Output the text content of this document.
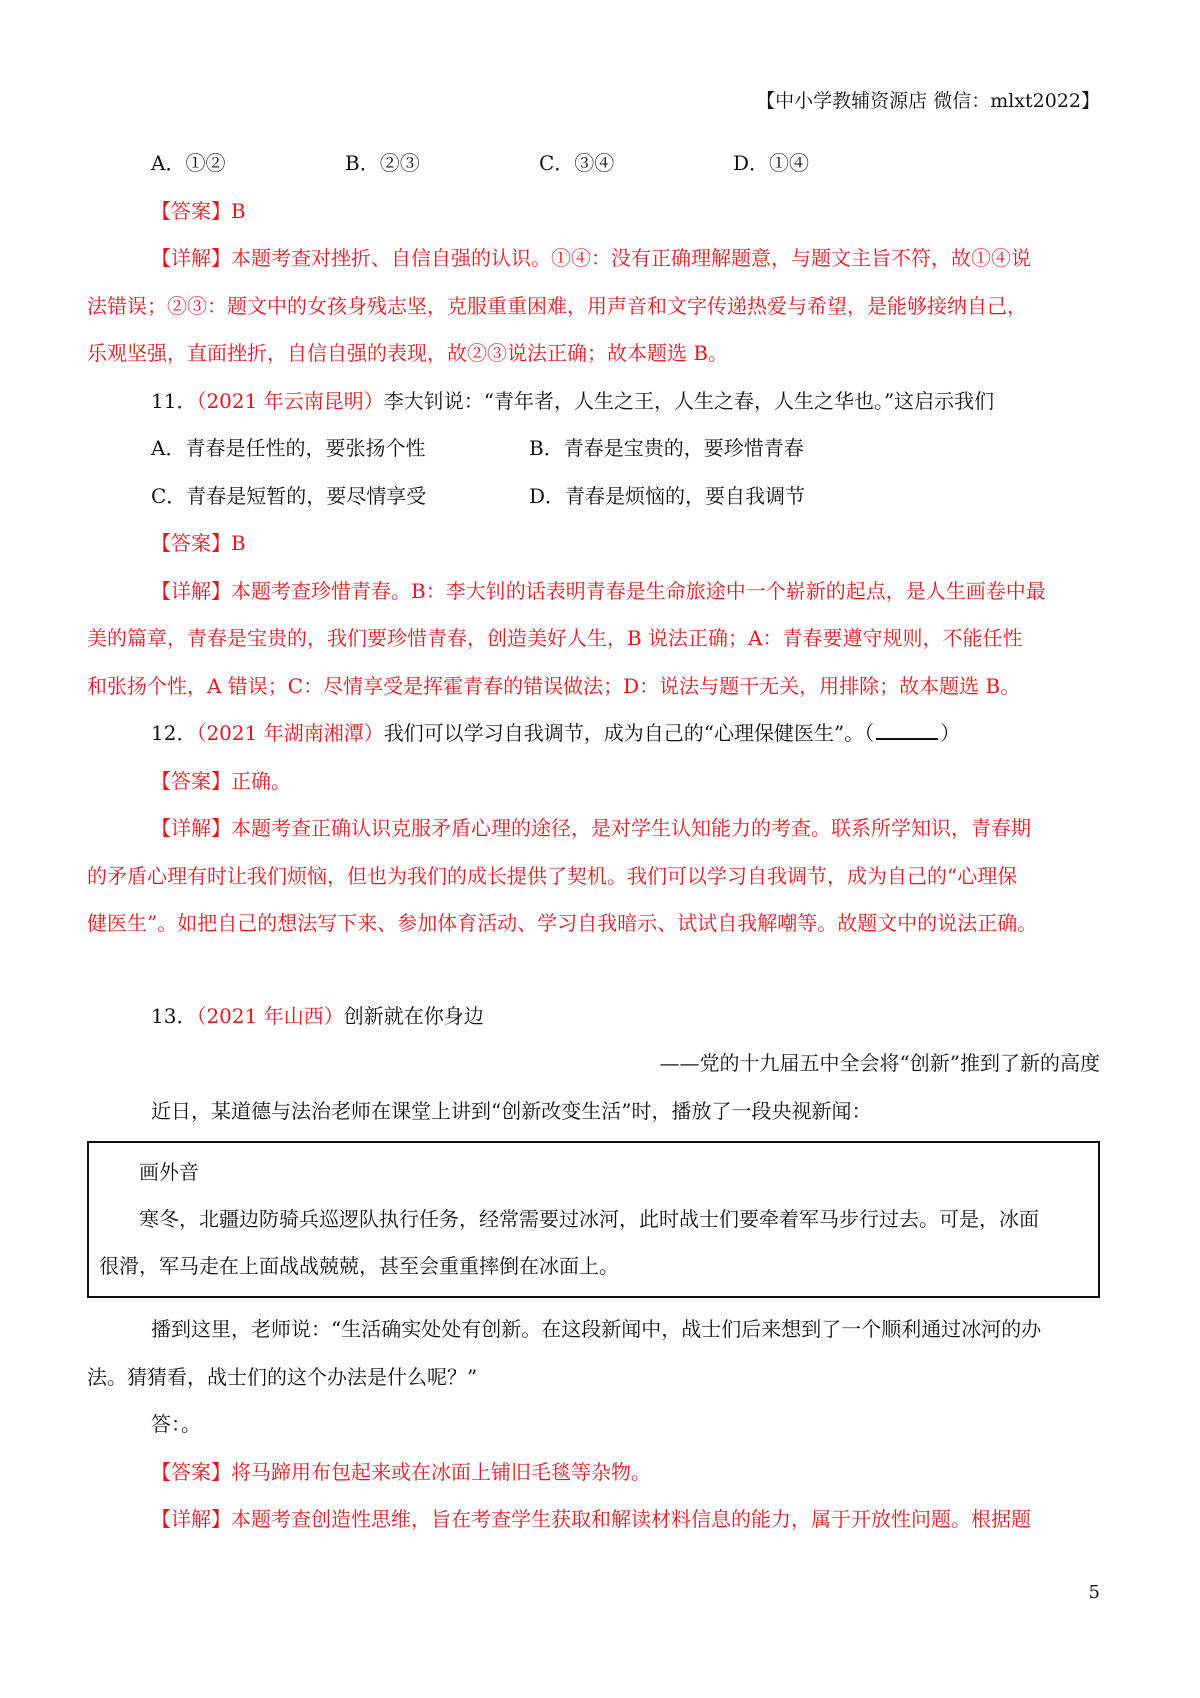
【中小学教辅资源店 微信：mlxt2022】
A．①②	B．②③	C．③④	D．①④
【答案】B
【详解】本题考查对挫折、自信自强的认识。①④：没有正确理解题意，与题文主旨不符，故①④说
法错误；②③：题文中的女孩身残志坚，克服重重困难，用声音和文字传递热爱与希望，是能够接纳自己，
乐观坚强，直面挫折，自信自强的表现，故②③说法正确；故本题选 B。
11．（2021 年云南昆明）李大钊说：“青年者，人生之王，人生之春，人生之华也。”这启示我们
A．青春是任性的，要张扬个性	B．青春是宝贵的，要珍惜青春
C．青春是短暂的，要尽情享受	D．青春是烦恼的，要自我调节
【答案】B
【详解】本题考查珍惜青春。B：李大钊的话表明青春是生命旅途中一个崭新的起点，是人生画卷中最
美的篇章，青春是宝贵的，我们要珍惜青春，创造美好人生，B 说法正确；A：青春要遵守规则，不能任性
和张扬个性，A 错误；C：尽情享受是挥霍青春的错误做法；D：说法与题干无关，用排除；故本题选 B。
12．（2021 年湖南湘潭）我们可以学习自我调节，成为自己的“心理保健医生”。（	）
【答案】正确。
【详解】本题考查正确认识克服矛盾心理的途径，是对学生认知能力的考查。联系所学知识，青春期
的矛盾心理有时让我们烦恼，但也为我们的成长提供了契机。我们可以学习自我调节，成为自己的“心理保
健医生”。如把自己的想法写下来、参加体育活动、学习自我暗示、试试自我解嘲等。故题文中的说法正确。
13．（2021 年山西）创新就在你身边
——党的十九届五中全会将“创新”推到了新的高度
近日，某道德与法治老师在课堂上讲到“创新改变生活”时，播放了一段央视新闻：
画外音
寒冬，北疆边防骑兵巡逻队执行任务，经常需要过冰河，此时战士们要牵着军马步行过去。可是，冰面
很滑，军马走在上面战战兢兢，甚至会重重摔倒在冰面上。
播到这里，老师说：“生活确实处处有创新。在这段新闻中，战士们后来想到了一个顺利通过冰河的办
法。猜猜看，战士们的这个办法是什么呢？”
答：。
【答案】将马蹄用布包起来或在冰面上铺旧毛毯等杂物。
【详解】本题考查创造性思维，旨在考查学生获取和解读材料信息的能力，属于开放性问题。根据题
5
